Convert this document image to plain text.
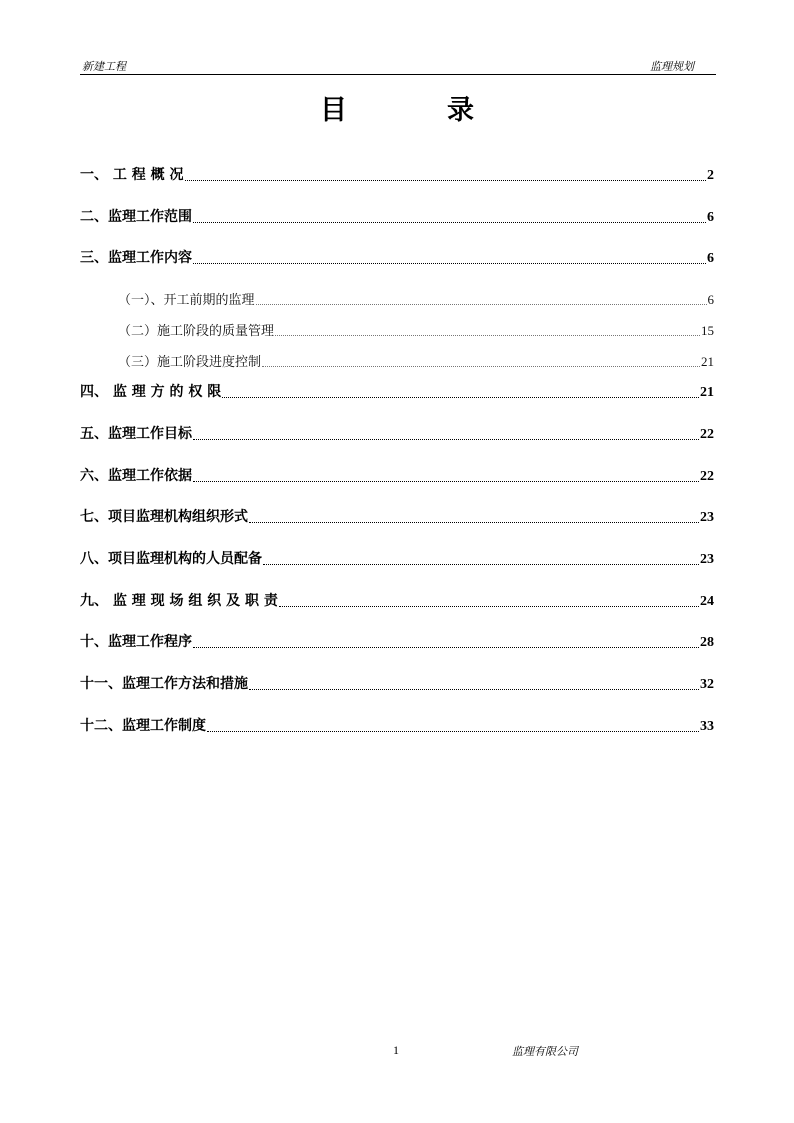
新建工程	监理规划
目	录
一、 工 程 概 况	2
二、监理工作范围	6
三、监理工作内容	6
（一）、开工前期的监理	6
（二）施工阶段的质量管理	15
（三）施工阶段进度控制	21
四、 监 理 方 的 权 限	21
五、监理工作目标	22
六、监理工作依据	22
七、项目监理机构组织形式	23
八、项目监理机构的人员配备	23
九、 监 理 现 场 组 织 及 职 责	24
十、监理工作程序	28
十一、监理工作方法和措施	32
十二、监理工作制度	33
1	监理有限公司
